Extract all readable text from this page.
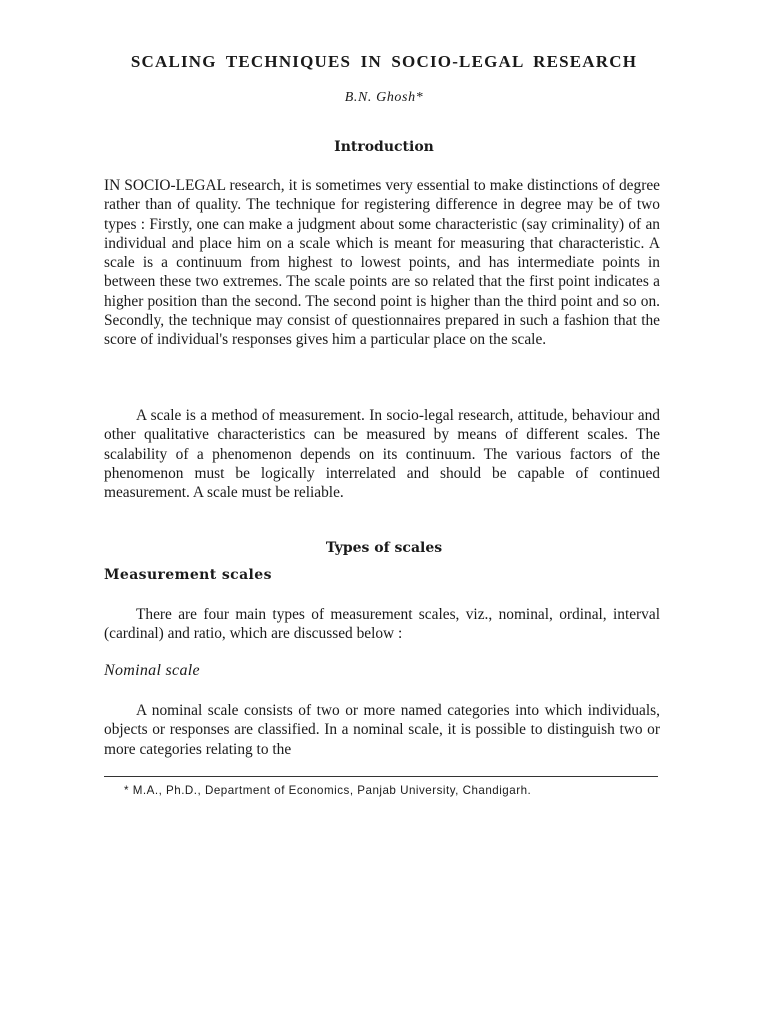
SCALING TECHNIQUES IN SOCIO-LEGAL RESEARCH
B.N. Ghosh*
Introduction

IN SOCIO-LEGAL research, it is sometimes very essential to make distinctions of degree rather than of quality. The technique for registering difference in degree may be of two types : Firstly, one can make a judgment about some characteristic (say criminality) of an individual and place him on a scale which is meant for measuring that characteristic. A scale is a continuum from highest to lowest points, and has intermediate points in between these two extremes. The scale points are so related that the first point indicates a higher position than the second. The second point is higher than the third point and so on. Secondly, the technique may consist of questionnaires prepared in such a fashion that the score of individual's responses gives him a particular place on the scale.

A scale is a method of measurement. In socio-legal research, attitude, behaviour and other qualitative characteristics can be measured by means of different scales. The scalability of a phenomenon depends on its continuum. The various factors of the phenomenon must be logically interrelated and should be capable of continued measurement. A scale must be reliable.

Types of scales
Measurement scales

There are four main types of measurement scales, viz., nominal, ordinal, interval (cardinal) and ratio, which are discussed below :

Nominal scale

A nominal scale consists of two or more named categories into which individuals, objects or responses are classified. In a nominal scale, it is possible to distinguish two or more categories relating to the

* M.A., Ph.D., Department of Economics, Panjab University, Chandigarh.
